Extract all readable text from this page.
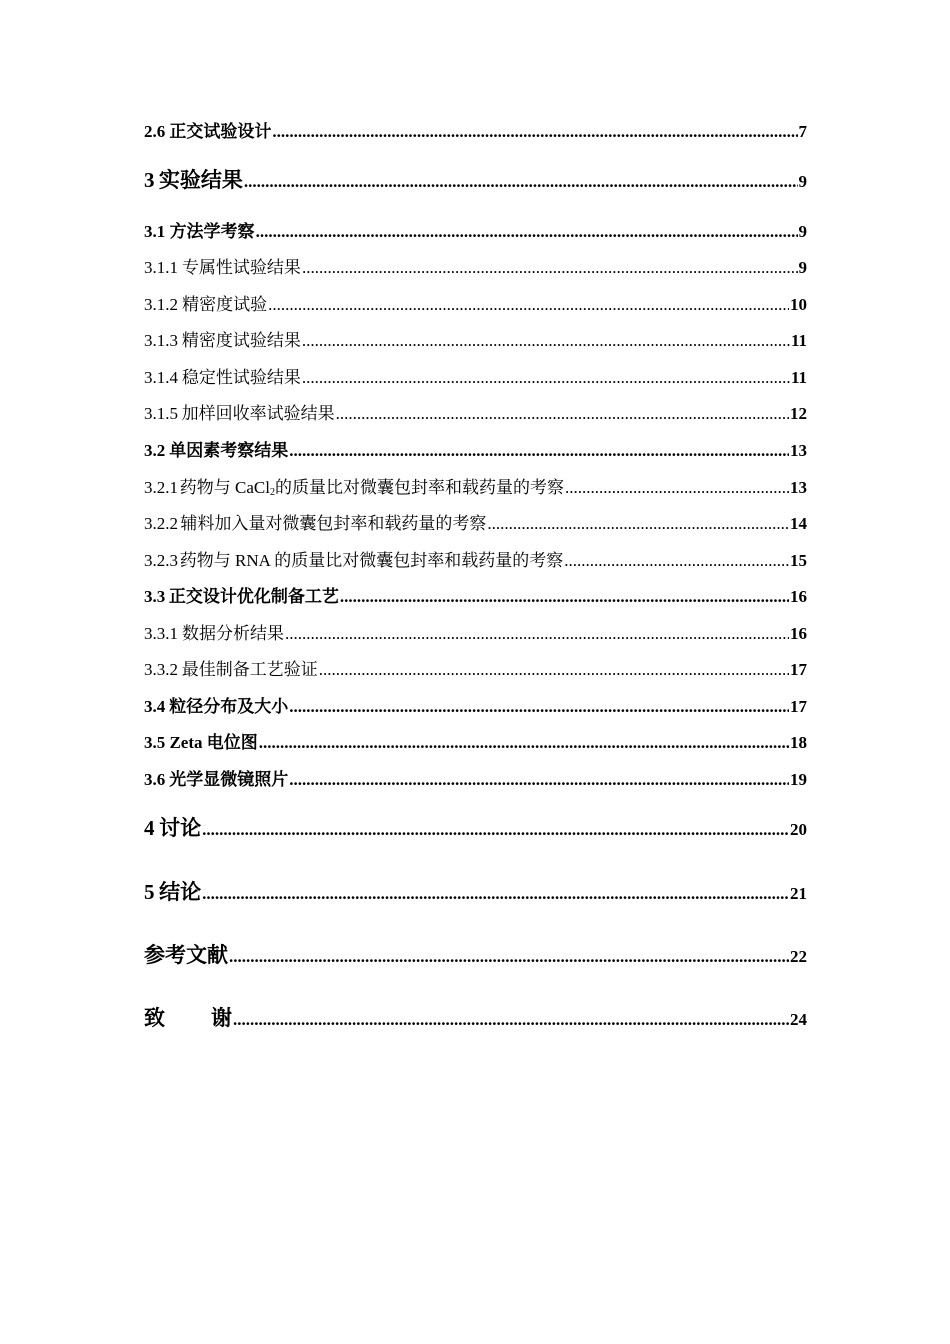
2.6 正交试验设计 .....	7
3 实验结果 .....	9
3.1 方法学考察 .....	9
3.1.1 专属性试验结果 .....	9
3.1.2 精密度试验 .....	10
3.1.3 精密度试验结果 .....	11
3.1.4 稳定性试验结果 .....	11
3.1.5 加样回收率试验结果 .....	12
3.2 单因素考察结果 .....	13
3.2.1 药物与 CaCl$_2$的质量比对微囊包封率和载药量的考察 .....	13
3.2.2 辅料加入量对微囊包封率和载药量的考察 .....	14
3.2.3 药物与 RNA 的质量比对微囊包封率和载药量的考察 .....	15
3.3 正交设计优化制备工艺 .....	16
3.3.1 数据分析结果 .....	16
3.3.2 最佳制备工艺验证 .....	17
3.4 粒径分布及大小 .....	17
3.5 Zeta 电位图 .....	18
3.6 光学显微镜照片 .....	19
4 讨论 .....	20
5 结论 .....	21
参考文献 .....	22
致 谢 .....	24
